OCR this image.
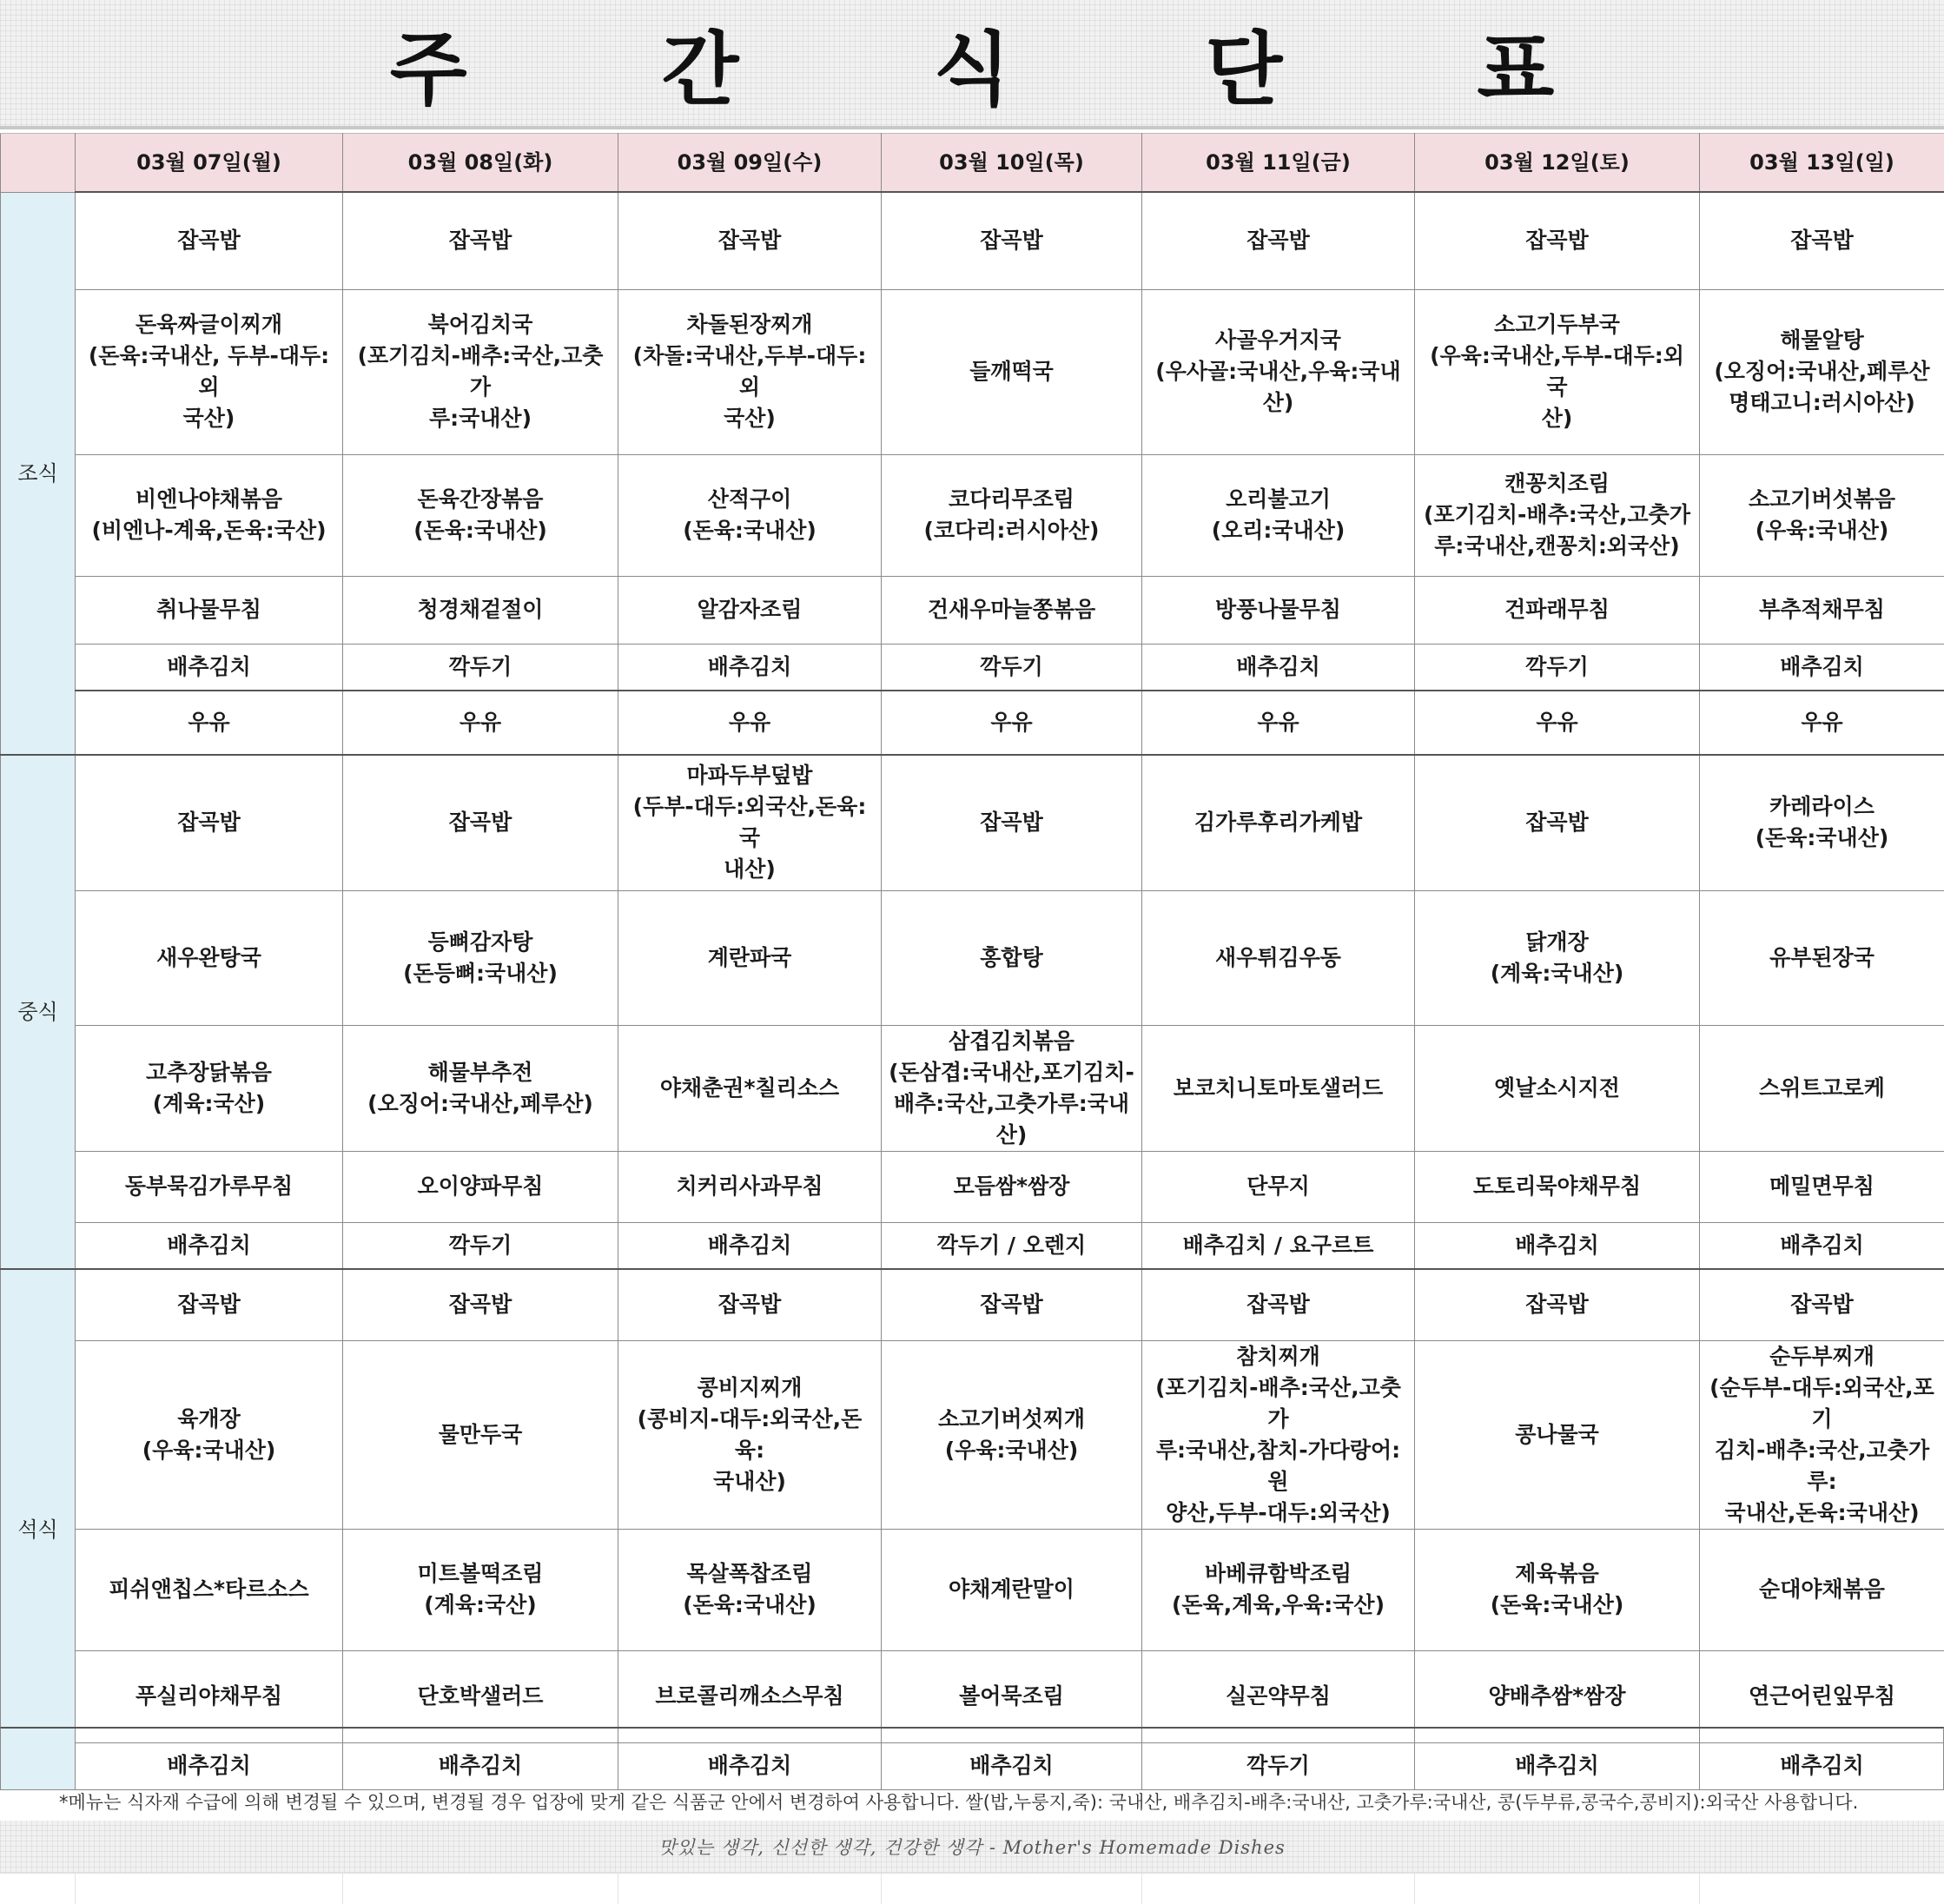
주 간 식 단 표
	03월 07일(월)	03월 08일(화)	03월 09일(수)	03월 10일(목)	03월 11일(금)	03월 12일(토)	03월 13일(일)
조식	잡곡밥	잡곡밥	잡곡밥	잡곡밥	잡곡밥	잡곡밥	잡곡밥

	돈육짜글이찌개
(돈육:국내산, 두부-대두:외
국산)	북어김치국
(포기김치-배추:국산,고춧가
루:국내산)	차돌된장찌개
(차돌:국내산,두부-대두:외
국산)	들깨떡국	사골우거지국
(우사골:국내산,우육:국내산)	소고기두부국
(우육:국내산,두부-대두:외국
산)	해물알탕
(오징어:국내산,페루산
명태고니:러시아산)

	비엔나야채볶음
(비엔나-계육,돈육:국산)	돈육간장볶음
(돈육:국내산)	산적구이
(돈육:국내산)	코다리무조림
(코다리:러시아산)	오리불고기
(오리:국내산)	캔꽁치조림
(포기김치-배추:국산,고춧가
루:국내산,캔꽁치:외국산)	소고기버섯볶음
(우육:국내산)

	취나물무침	청경채겉절이	알감자조림	건새우마늘쫑볶음	방풍나물무침	건파래무침	부추적채무침

	배추김치	깍두기	배추김치	깍두기	배추김치	깍두기	배추김치

	우유	우유	우유	우유	우유	우유	우유

중식	잡곡밥	잡곡밥	마파두부덮밥
(두부-대두:외국산,돈육:국
내산)	잡곡밥	김가루후리가케밥	잡곡밥	카레라이스
(돈육:국내산)

	새우완탕국	등뼈감자탕
(돈등뼈:국내산)	계란파국	홍합탕	새우튀김우동	닭개장
(계육:국내산)	유부된장국

	고추장닭볶음
(계육:국산)	해물부추전
(오징어:국내산,페루산)	야채춘권*칠리소스	삼겹김치볶음
(돈삼겹:국내산,포기김치-
배추:국산,고춧가루:국내산)	보코치니토마토샐러드	옛날소시지전	스위트고로케

	동부묵김가루무침	오이양파무침	치커리사과무침	모듬쌈*쌈장	단무지	도토리묵야채무침	메밀면무침

	배추김치	깍두기	배추김치	깍두기 / 오렌지	배추김치 / 요구르트	배추김치	배추김치

석식	잡곡밥	잡곡밥	잡곡밥	잡곡밥	잡곡밥	잡곡밥	잡곡밥

	육개장
(우육:국내산)	물만두국	콩비지찌개
(콩비지-대두:외국산,돈육:
국내산)	소고기버섯찌개
(우육:국내산)	참치찌개
(포기김치-배추:국산,고춧가
루:국내산,참치-가다랑어:원
양산,두부-대두:외국산)	콩나물국	순두부찌개
(순두부-대두:외국산,포기
김치-배추:국산,고춧가루:
국내산,돈육:국내산)

	피쉬앤칩스*타르소스	미트볼떡조림
(계육:국산)	목살폭찹조림
(돈육:국내산)	야채계란말이	바베큐함박조림
(돈육,계육,우육:국산)	제육볶음
(돈육:국내산)	순대야채볶음

	푸실리야채무침	단호박샐러드	브로콜리깨소스무침	볼어묵조림	실곤약무침	양배추쌈*쌈장	연근어린잎무침

	배추김치	배추김치	배추김치	배추김치	깍두기	배추김치	배추김치
*메뉴는 식자재 수급에 의해 변경될 수 있으며, 변경될 경우 업장에 맞게 같은 식품군 안에서 변경하여 사용합니다. 쌀(밥,누룽지,죽): 국내산, 배추김치-배추:국내산, 고춧가루:국내산, 콩(두부류,콩국수,콩비지):외국산 사용합니다.
맛있는 생각, 신선한 생각, 건강한 생각 - Mother's Homemade Dishes
